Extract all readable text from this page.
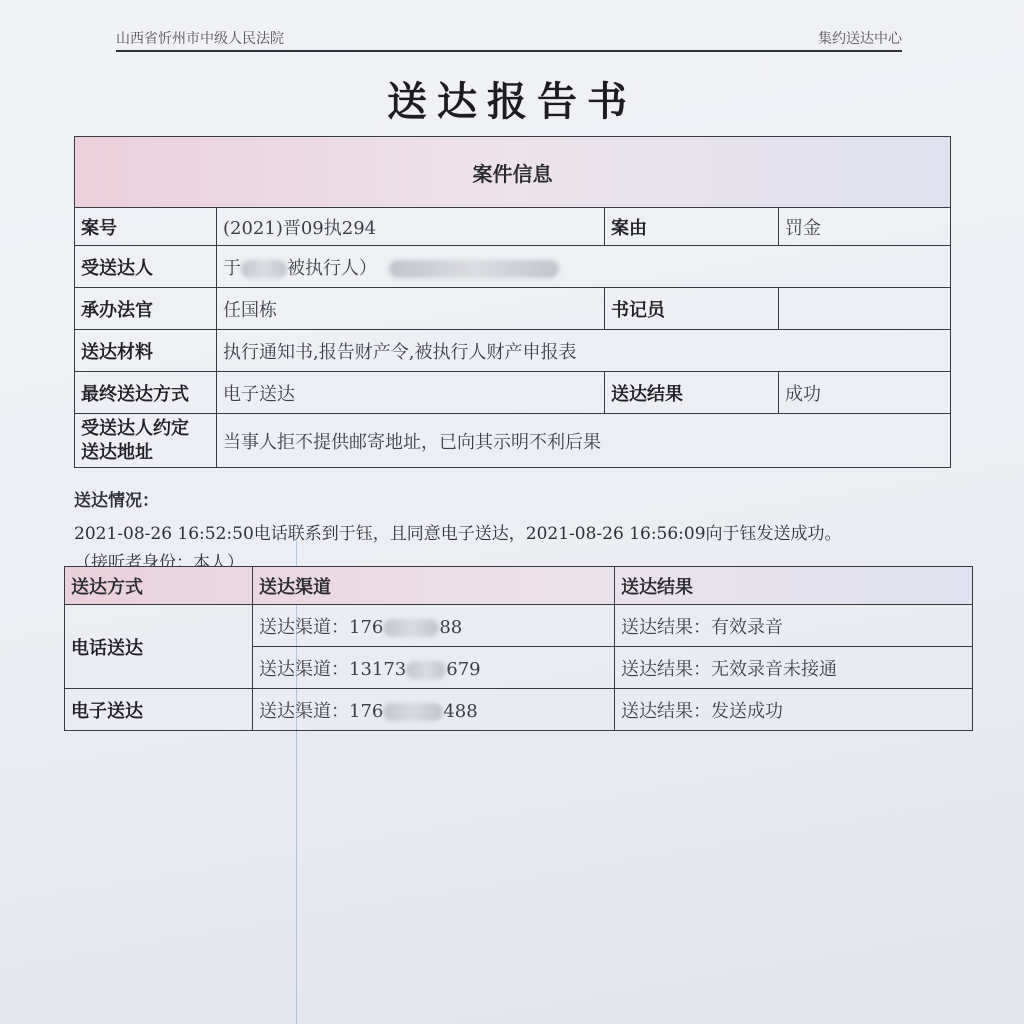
山西省忻州市中级人民法院	集约送达中心
送达报告书
案件信息			
案号	(2021)晋09执294	案由	罚金
受送达人	于 被执行人）		
承办法官	任国栋	书记员	
送达材料	执行通知书,报告财产令,被执行人财产申报表		
最终送达方式	电子送达	送达结果	成功

受送达人约定
送达地址	当事人拒不提供邮寄地址，已向其示明不利后果		
送达情况：
2021-08-26 16:52:50电话联系到于钰，且同意电子送达，2021-08-26 16:56:09向于钰发送成功。
（接听者身份：本人）
送达方式	送达渠道	送达结果
电话送达	送达渠道：176 88	送达结果：有效录音
	送达渠道：13173 679	送达结果：无效录音未接通
电子送达	送达渠道：176 488	送达结果：发送成功
